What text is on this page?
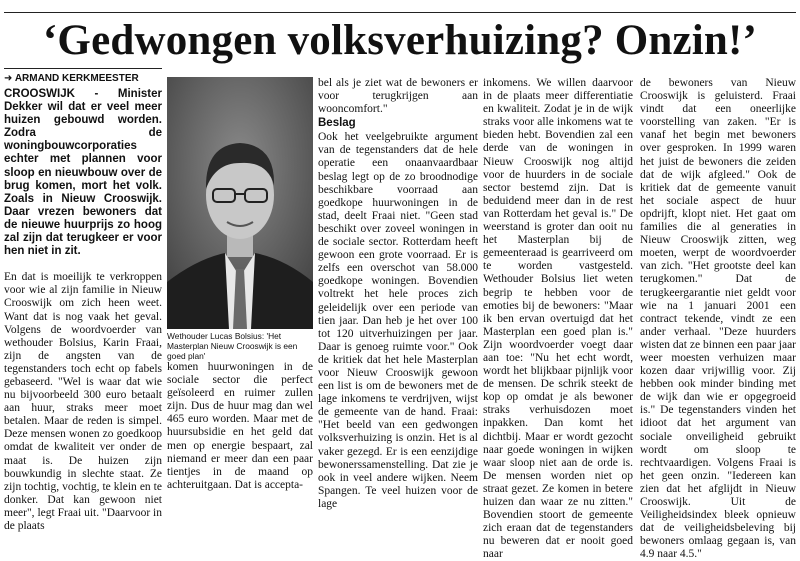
‘Gedwongen volksverhuizing? Onzin!’
➜ ARMAND KERKMEESTER

CROOSWIJK - Minister Dekker wil dat er veel meer huizen gebouwd worden. Zodra de woningbouwcorporaties echter met plannen voor sloop en nieuwbouw over de brug komen, mort het volk. Zoals in Nieuw Crooswijk. Daar vrezen bewoners dat de nieuwe huurprijs zo hoog zal zijn dat terugkeer er voor hen niet in zit.

En dat is moeilijk te verkroppen voor wie al zijn familie in Nieuw Crooswijk om zich heen weet. Want dat is nog vaak het geval. Volgens de woordvoerder van wethouder Bolsius, Karin Fraai, zijn de angsten van de tegenstanders toch echt op fabels gebaseerd. "Wel is waar dat wie nu bijvoorbeeld 300 euro betaalt aan huur, straks meer moet betalen. Maar de reden is simpel. Deze mensen wonen zo goedkoop omdat de kwaliteit ver onder de maat is. De huizen zijn bouwkundig in slechte staat. Ze zijn tochtig, vochtig, te klein en te donker. Dat kan gewoon niet meer", legt Fraai uit. "Daarvoor in de plaats

Wethouder Lucas Bolsius: 'Het Masterplan Nieuw Crooswijk is een goed plan'

komen huurwoningen in de sociale sector die perfect geïsoleerd en ruimer zullen zijn. Dus de huur mag dan wel 465 euro worden. Maar met de huursubsidie en het geld dat men op energie bespaart, zal niemand er meer dan een paar tientjes in de maand op achteruitgaan. Dat is accepta-

bel als je ziet wat de bewoners er voor terugkrijgen aan wooncomfort."

Beslag

Ook het veelgebruikte argument van de tegenstanders dat de hele operatie een onaanvaardbaar beslag legt op de zo broodnodige beschikbare voorraad aan goedkope huurwoningen in de stad, deelt Fraai niet. "Geen stad beschikt over zoveel woningen in de sociale sector. Rotterdam heeft gewoon een grote voorraad. Er is zelfs een overschot van 58.000 goedkope woningen. Bovendien voltrekt het hele proces zich geleidelijk over een periode van tien jaar. Dan heb je het over 100 tot 120 uitverhuizingen per jaar. Daar is genoeg ruimte voor." Ook de kritiek dat het hele Masterplan voor Nieuw Crooswijk gewoon een list is om de bewoners met de lage inkomens te verdrijven, wijst de gemeente van de hand. Fraai: "Het beeld van een gedwongen volksverhuizing is onzin. Het is al vaker gezegd. Er is een eenzijdige bewonerssamenstelling. Dat zie je ook in veel andere wijken. Neem Spangen. Te veel huizen voor de lage

inkomens. We willen daarvoor in de plaats meer differentiatie en kwaliteit. Zodat je in de wijk straks voor alle inkomens wat te bieden hebt. Bovendien zal een derde van de woningen in Nieuw Crooswijk nog altijd voor de huurders in de sociale sector bestemd zijn. Dat is beduidend meer dan in de rest van Rotterdam het geval is." De weerstand is groter dan ooit nu het Masterplan bij de gemeenteraad is gearriveerd om te worden vastgesteld. Wethouder Bolsius liet weten begrip te hebben voor de emoties bij de bewoners: "Maar ik ben ervan overtuigd dat het Masterplan een goed plan is." Zijn woordvoerder voegt daar aan toe: "Nu het echt wordt, wordt het blijkbaar pijnlijk voor de mensen. De schrik steekt de kop op omdat je als bewoner straks verhuisdozen moet inpakken. Dan komt het dichtbij. Maar er wordt gezocht naar goede woningen in wijken waar sloop niet aan de orde is. De mensen worden niet op straat gezet. Ze komen in betere huizen dan waar ze nu zitten." Bovendien stoort de gemeente zich eraan dat de tegenstanders nu beweren dat er nooit goed naar

de bewoners van Nieuw Crooswijk is geluisterd. Fraai vindt dat een oneerlijke voorstelling van zaken. "Er is vanaf het begin met bewoners over gesproken. In 1999 waren het juist de bewoners die zeiden dat de wijk afgleed." Ook de kritiek dat de gemeente vanuit het sociale aspect de huur opdrijft, klopt niet. Het gaat om families die al generaties in Nieuw Crooswijk zitten, weg moeten, werpt de woordvoerder van zich. "Het grootste deel kan terugkomen." Dat de terugkeergarantie niet geldt voor wie na 1 januari 2001 een contract tekende, vindt ze een ander verhaal. "Deze huurders wisten dat ze binnen een paar jaar weer moesten verhuizen maar kozen daar vrijwillig voor. Zij hebben ook minder binding met de wijk dan wie er opgegroeid is." De tegenstanders vinden het idioot dat het argument van sociale onveiligheid gebruikt wordt om sloop te rechtvaardigen. Volgens Fraai is het geen onzin. "Iedereen kan zien dat het afglijdt in Nieuw Crooswijk. Uit de Veiligheidsindex bleek opnieuw dat de veiligheidsbeleving bij bewoners omlaag gegaan is, van 4.9 naar 4.5."
